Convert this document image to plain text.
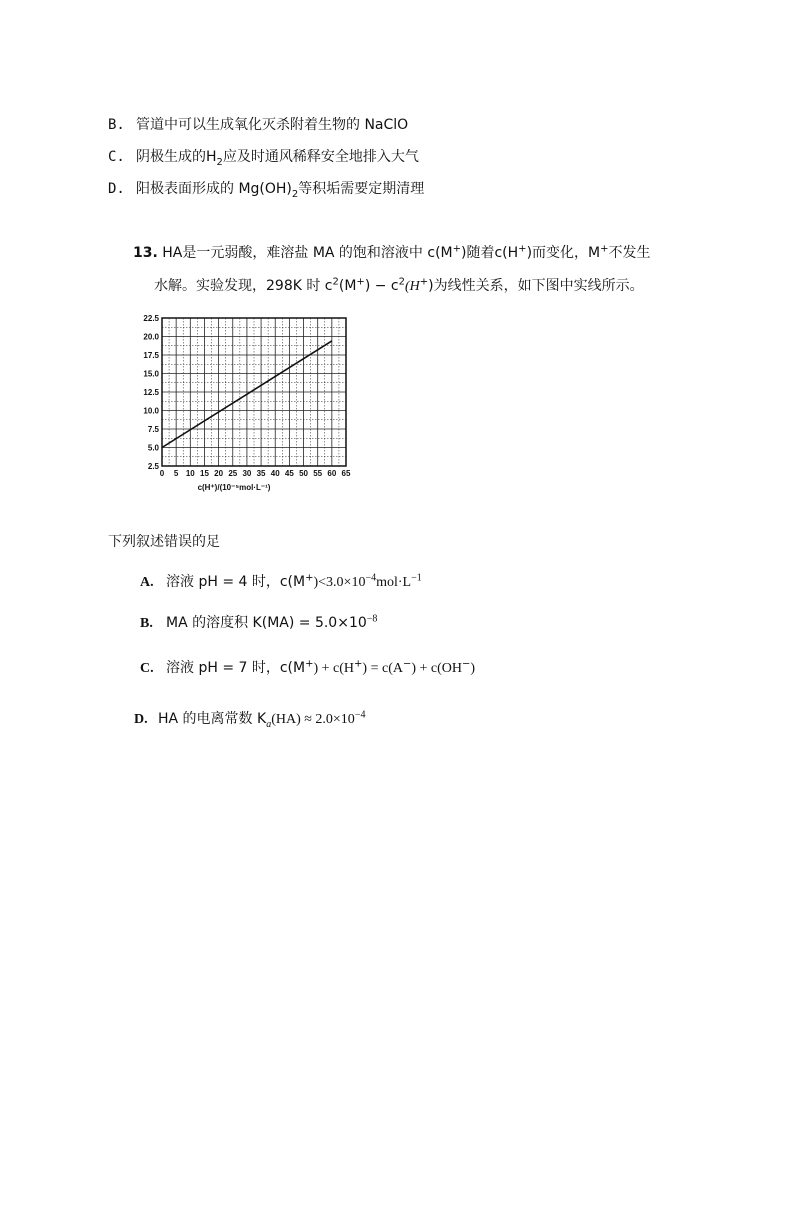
B. 管道中可以生成氧化灭杀附着生物的 NaClO
C. 阴极生成的$H_2$应及时通风稀释安全地排入大气
D. 阳极表面形成的 $Mg(OH)_2$等积垢需要定期清理
13. HA是一元弱酸，难溶盐 MA 的饱和溶液中 c(M+)随着c(H+)而变化，M+不发生
水解。实验发现，298K 时 $c^2(M^+) - c^2(H^+)$为线性关系，如下图中实线所示。
0 5 10 15 20 25 30 35 40 45 50 55 60 65
2.5
5.0
7.5
10.0
12.5
15.0
17.5
20.0
22.5
c(H⁺)/(10⁻⁵mol·L⁻¹)
下列叙述错误的足
A. 溶液 pH = 4 时，$c(M^+)<3.0\times 10^{-4}mol\cdot L^{-1}$
B. MA 的溶度积 $K(MA) = 5.0\times 10^{-8}$
C. 溶液 pH = 7 时，c(M+) + c(H+) = c(A−) + c(OH−)
D. HA 的电离常数 $K_a(HA) \approx 2.0\times 10^{-4}$
